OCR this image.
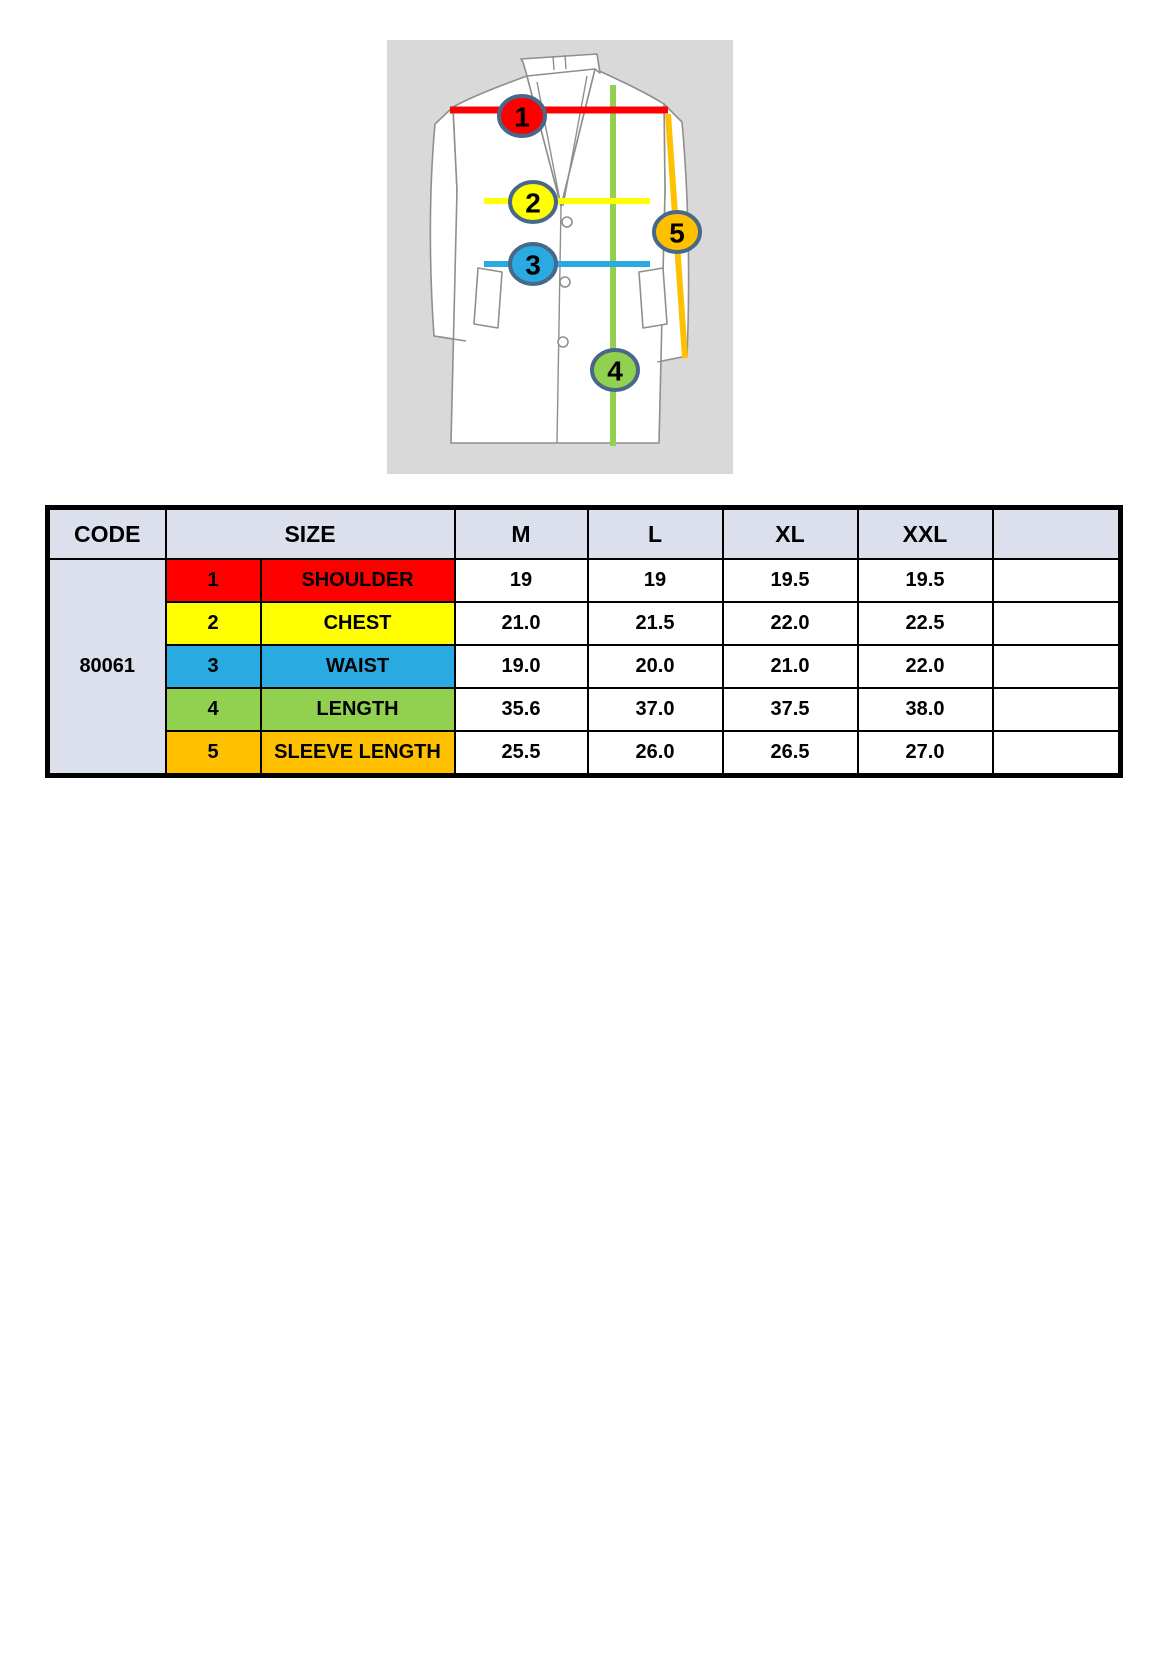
1
2
3
4
5
CODE	SIZE		M	L	XL	XXL	
80061	1	SHOULDER	19	19	19.5	19.5	
	2	CHEST	21.0	21.5	22.0	22.5	
	3	WAIST	19.0	20.0	21.0	22.0	
	4	LENGTH	35.6	37.0	37.5	38.0	
	5	SLEEVE LENGTH	25.5	26.0	26.5	27.0	
